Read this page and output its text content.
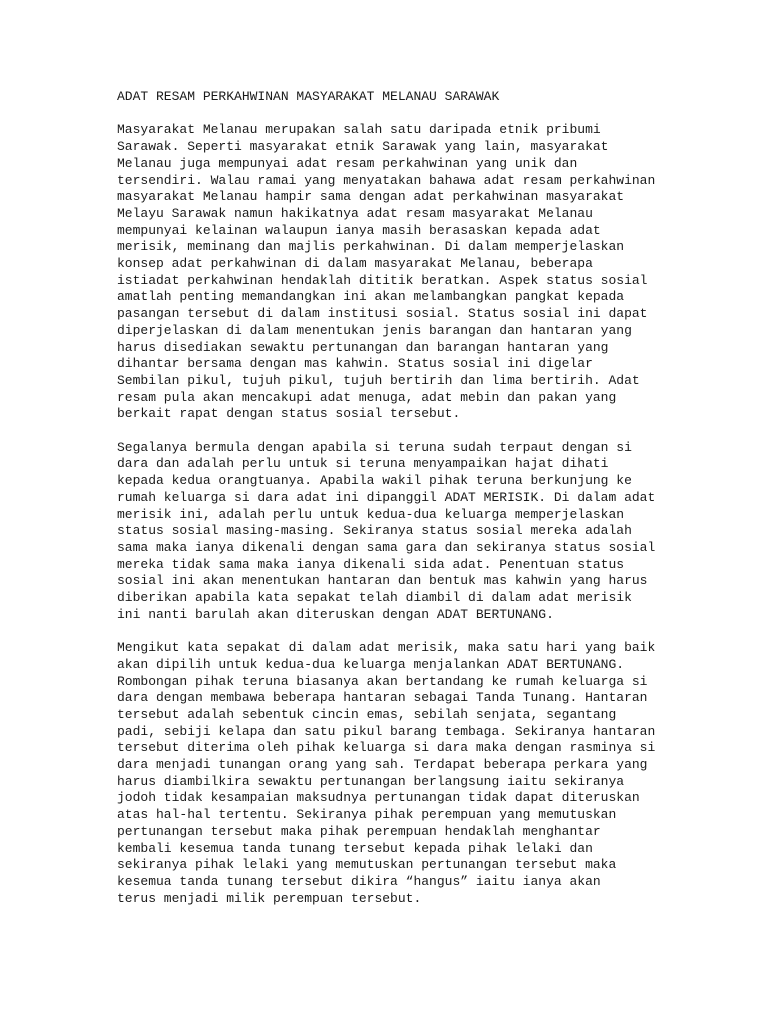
ADAT RESAM PERKAHWINAN MASYARAKAT MELANAU SARAWAK
Masyarakat Melanau merupakan salah satu daripada etnik pribumi
Sarawak. Seperti masyarakat etnik Sarawak yang lain, masyarakat
Melanau juga mempunyai adat resam perkahwinan yang unik dan
tersendiri. Walau ramai yang menyatakan bahawa adat resam perkahwinan
masyarakat Melanau hampir sama dengan adat perkahwinan masyarakat
Melayu Sarawak namun hakikatnya adat resam masyarakat Melanau
mempunyai kelainan walaupun ianya masih berasaskan kepada adat
merisik, meminang dan majlis perkahwinan. Di dalam memperjelaskan
konsep adat perkahwinan di dalam masyarakat Melanau, beberapa
istiadat perkahwinan hendaklah dititik beratkan. Aspek status sosial
amatlah penting memandangkan ini akan melambangkan pangkat kepada
pasangan tersebut di dalam institusi sosial. Status sosial ini dapat
diperjelaskan di dalam menentukan jenis barangan dan hantaran yang
harus disediakan sewaktu pertunangan dan barangan hantaran yang
dihantar bersama dengan mas kahwin. Status sosial ini digelar
Sembilan pikul, tujuh pikul, tujuh bertirih dan lima bertirih. Adat
resam pula akan mencakupi adat menuga, adat mebin dan pakan yang
berkait rapat dengan status sosial tersebut.
Segalanya bermula dengan apabila si teruna sudah terpaut dengan si
dara dan adalah perlu untuk si teruna menyampaikan hajat dihati
kepada kedua orangtuanya. Apabila wakil pihak teruna berkunjung ke
rumah keluarga si dara adat ini dipanggil ADAT MERISIK. Di dalam adat
merisik ini, adalah perlu untuk kedua-dua keluarga memperjelaskan
status sosial masing-masing. Sekiranya status sosial mereka adalah
sama maka ianya dikenali dengan sama gara dan sekiranya status sosial
mereka tidak sama maka ianya dikenali sida adat. Penentuan status
sosial ini akan menentukan hantaran dan bentuk mas kahwin yang harus
diberikan apabila kata sepakat telah diambil di dalam adat merisik
ini nanti barulah akan diteruskan dengan ADAT BERTUNANG.
Mengikut kata sepakat di dalam adat merisik, maka satu hari yang baik
akan dipilih untuk kedua-dua keluarga menjalankan ADAT BERTUNANG.
Rombongan pihak teruna biasanya akan bertandang ke rumah keluarga si
dara dengan membawa beberapa hantaran sebagai Tanda Tunang. Hantaran
tersebut adalah sebentuk cincin emas, sebilah senjata, segantang
padi, sebiji kelapa dan satu pikul barang tembaga. Sekiranya hantaran
tersebut diterima oleh pihak keluarga si dara maka dengan rasminya si
dara menjadi tunangan orang yang sah. Terdapat beberapa perkara yang
harus diambilkira sewaktu pertunangan berlangsung iaitu sekiranya
jodoh tidak kesampaian maksudnya pertunangan tidak dapat diteruskan
atas hal-hal tertentu. Sekiranya pihak perempuan yang memutuskan
pertunangan tersebut maka pihak perempuan hendaklah menghantar
kembali kesemua tanda tunang tersebut kepada pihak lelaki dan
sekiranya pihak lelaki yang memutuskan pertunangan tersebut maka
kesemua tanda tunang tersebut dikira “hangus” iaitu ianya akan
terus menjadi milik perempuan tersebut.
